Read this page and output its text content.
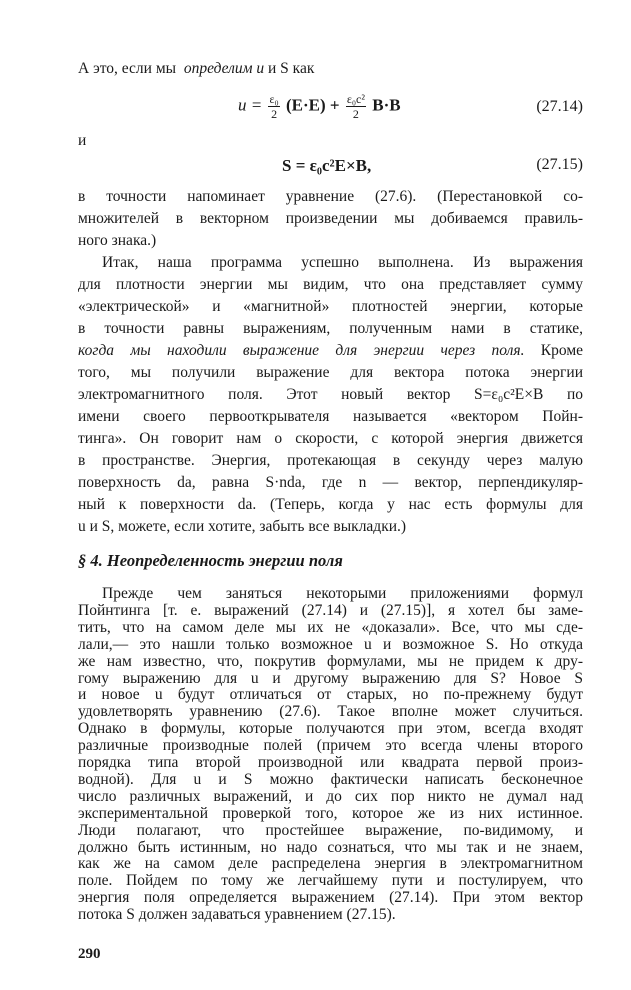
А это, если мы определим u и S как
$u = \frac{\text{ε₀}}{2} (E\cdot E) + \frac{\text{ε₀c²}}{2} B\cdot B$	(27.14)
и
S = ε₀c²E×B,	(27.15)
в точности напоминает уравнение (27.6). (Перестановкой со-
множителей в векторном произведении мы добиваемся правиль-
ного знака.)
Итак, наша программа успешно выполнена. Из выражения
для плотности энергии мы видим, что она представляет сумму
«электрической» и «магнитной» плотностей энергии, которые
в точности равны выражениям, полученным нами в статике,
когда мы находили выражение для энергии через поля. Кроме
того, мы получили выражение для вектора потока энергии
электромагнитного поля. Этот новый вектор S=ε₀c²E×B по
имени своего первооткрывателя называется «вектором Пойн-
тинга». Он говорит нам о скорости, с которой энергия движется
в пространстве. Энергия, протекающая в секунду через малую
поверхность da, равна S·nda, где n — вектор, перпендикуляр-
ный к поверхности da. (Теперь, когда у нас есть формулы для
§ 4. Неопределенность энергии поля
Прежде чем заняться некоторыми приложениями формул
Пойнтинга [т. е. выражений (27.14) и (27.15)], я хотел бы заме-
тить, что на самом деле мы их не «доказали». Все, что мы сде-
лали,— это нашли только возможное u и возможное S. Но откуда
же нам известно, что, покрутив формулами, мы не придем к дру-
гому выражению для u и другому выражению для S? Новое S
и новое u будут отличаться от старых, но по-прежнему будут
удовлетворять уравнению (27.6). Такое вполне может случиться.
Однако в формулы, которые получаются при этом, всегда входят
различные производные полей (причем это всегда члены второго
порядка типа второй производной или квадрата первой произ-
водной). Для u и S можно фактически написать бесконечное
число различных выражений, и до сих пор никто не думал над
экспериментальной проверкой того, которое же из них истинное.
Люди полагают, что простейшее выражение, по-видимому, и
должно быть истинным, но надо сознаться, что мы так и не знаем,
как же на самом деле распределена энергия в электромагнитном
поле. Пойдем по тому же легчайшему пути и постулируем, что
энергия поля определяется выражением (27.14). При этом вектор
потока S должен задаваться уравнением (27.15).
290
u и S, можете, если хотите, забыть все выкладки.)
